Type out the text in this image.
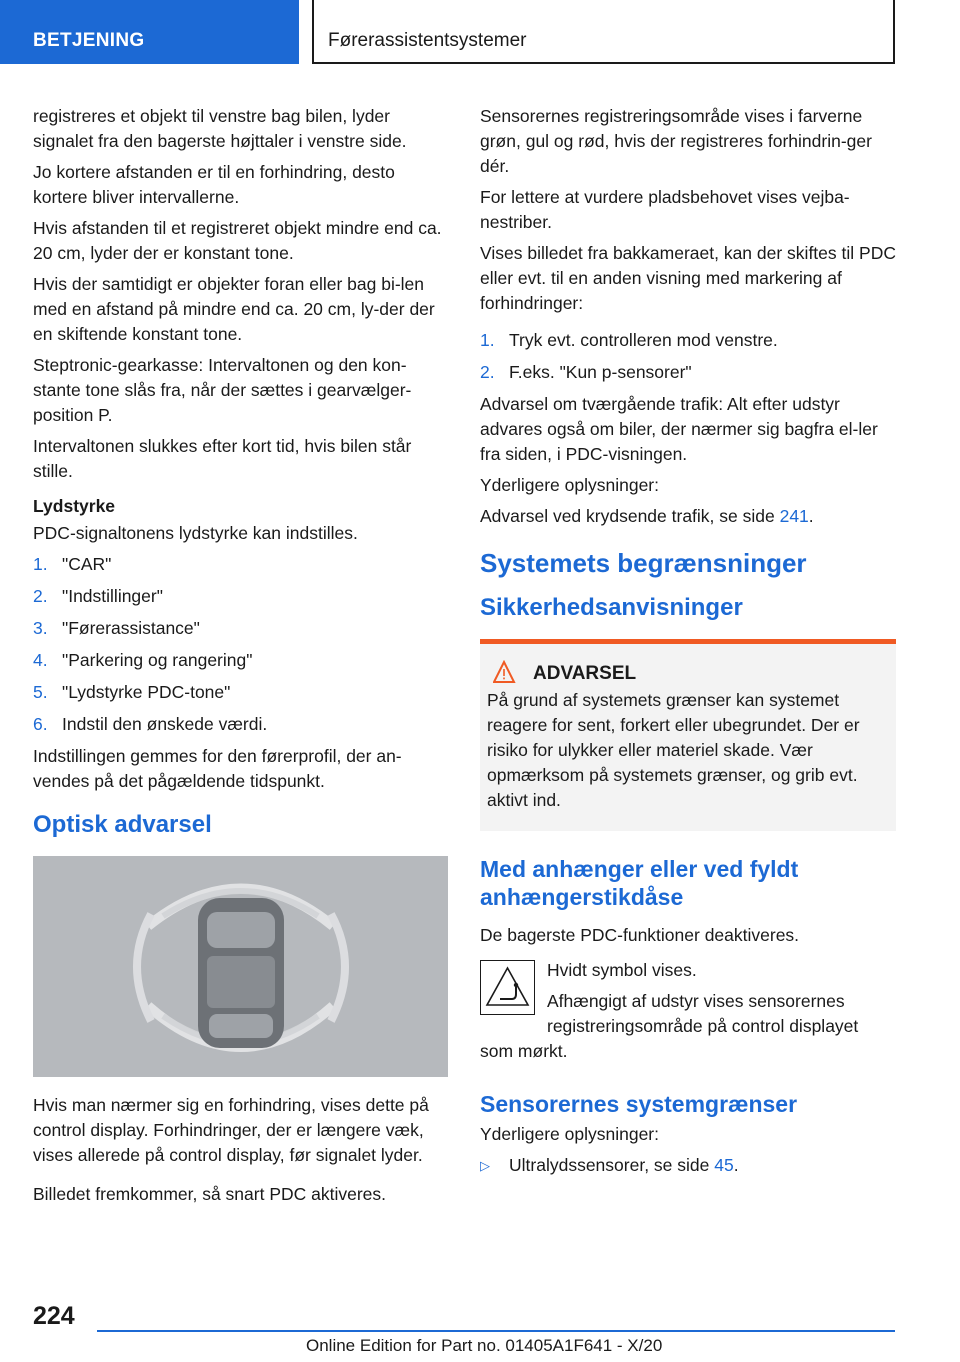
BETJENING	Førerassistentsystemer

registreres et objekt til venstre bag bilen, lyder signalet fra den bagerste højttaler i venstre side.

Jo kortere afstanden er til en forhindring, desto kortere bliver intervallerne.

Hvis afstanden til et registreret objekt mindre end ca. 20 cm, lyder der er konstant tone.

Hvis der samtidigt er objekter foran eller bag bi-len med en afstand på mindre end ca. 20 cm, ly-der der en skiftende konstant tone.

Steptronic-gearkasse: Intervaltonen og den kon-stante tone slås fra, når der sættes i gearvælger-position P.

Intervaltonen slukkes efter kort tid, hvis bilen står stille.

Lydstyrke

PDC-signaltonens lydstyrke kan indstilles.

1. "CAR"
2. "Indstillinger"
3. "Førerassistance"
4. "Parkering og rangering"
5. "Lydstyrke PDC-tone"
6. Indstil den ønskede værdi.

Indstillingen gemmes for den førerprofil, der an-vendes på det pågældende tidspunkt.

Optisk advarsel

Hvis man nærmer sig en forhindring, vises dette på control display. Forhindringer, der er længere væk, vises allerede på control display, før signalet lyder.

Billedet fremkommer, så snart PDC aktiveres.

Sensorernes registreringsområde vises i farverne grøn, gul og rød, hvis der registreres forhindrin-ger dér.

For lettere at vurdere pladsbehovet vises vejba-nestriber.

Vises billedet fra bakkameraet, kan der skiftes til PDC eller evt. til en anden visning med markering af forhindringer:

1. Tryk evt. controlleren mod venstre.
2. F.eks. "Kun p-sensorer"

Advarsel om tværgående trafik: Alt efter udstyr advares også om biler, der nærmer sig bagfra el-ler fra siden, i PDC-visningen.

Yderligere oplysninger:

Advarsel ved krydsende trafik, se side 241.

Systemets begrænsninger
Sikkerhedsanvisninger
ADVARSEL

På grund af systemets grænser kan systemet reagere for sent, forkert eller ubegrundet. Der er risiko for ulykker eller materiel skade. Vær opmærksom på systemets grænser, og grib evt. aktivt ind.

Med anhænger eller ved fyldt anhængerstikdåse

De bagerste PDC-funktioner deaktiveres.

Hvidt symbol vises.

Afhængigt af udstyr vises sensorernes registreringsområde på control displayet

som mørkt.

Sensorernes systemgrænser

Yderligere oplysninger:

▷	Ultralydssensorer, se side 45.
224
Online Edition for Part no. 01405A1F641 - X/20
